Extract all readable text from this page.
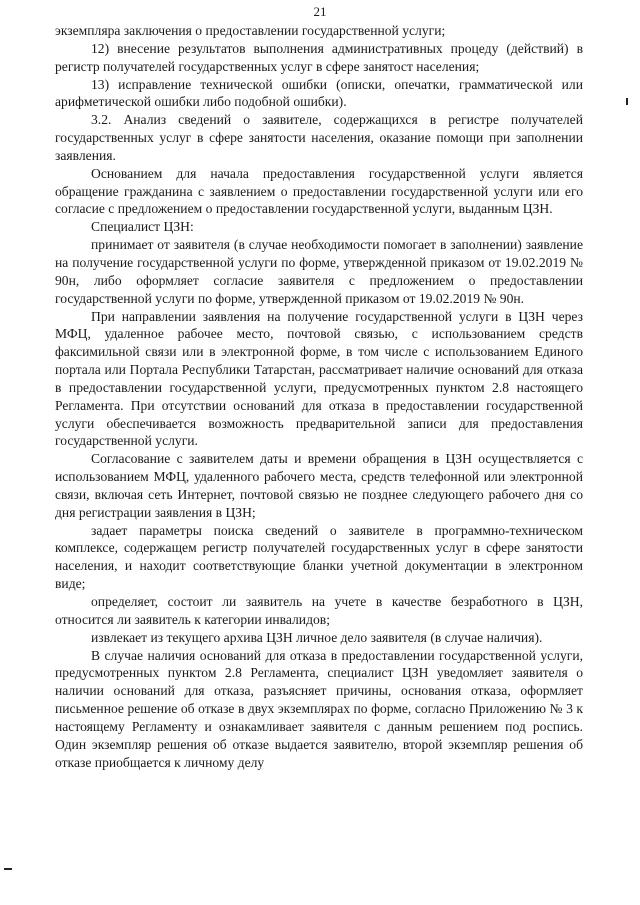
21

экземпляра заключения о предоставлении государственной услуги;

12) внесение результатов выполнения административных процеду (действий) в регистр получателей государственных услуг в сфере занятост населения;

13) исправление технической ошибки (описки, опечатки, грамматической или арифметической ошибки либо подобной ошибки).

3.2. Анализ сведений о заявителе, содержащихся в регистре получателей государственных услуг в сфере занятости населения, оказание помощи при заполнении заявления.

Основанием для начала предоставления государственной услуги является обращение гражданина с заявлением о предоставлении государственной услуги или его согласие с предложением о предоставлении государственной услуги, выданным ЦЗН.

Специалист ЦЗН:

принимает от заявителя (в случае необходимости помогает в заполнении) заявление на получение государственной услуги по форме, утвержденной приказом от 19.02.2019 № 90н, либо оформляет согласие заявителя с предложением о предоставлении государственной услуги по форме, утвержденной приказом от 19.02.2019 № 90н.

При направлении заявления на получение государственной услуги в ЦЗН через МФЦ, удаленное рабочее место, почтовой связью, с использованием средств факсимильной связи или в электронной форме, в том числе с использованием Единого портала или Портала Республики Татарстан, рассматривает наличие оснований для отказа в предоставлении государственной услуги, предусмотренных пунктом 2.8 настоящего Регламента. При отсутствии оснований для отказа в предоставлении государственной услуги обеспечивается возможность предварительной записи для предоставления государственной услуги.

Согласование с заявителем даты и времени обращения в ЦЗН осуществляется с использованием МФЦ, удаленного рабочего места, средств телефонной или электронной связи, включая сеть Интернет, почтовой связью не позднее следующего рабочего дня со дня регистрации заявления в ЦЗН;

задает параметры поиска сведений о заявителе в программно-техническом комплексе, содержащем регистр получателей государственных услуг в сфере занятости населения, и находит соответствующие бланки учетной документации в электронном виде;

определяет, состоит ли заявитель на учете в качестве безработного в ЦЗН, относится ли заявитель к категории инвалидов;

извлекает из текущего архива ЦЗН личное дело заявителя (в случае наличия).

В случае наличия оснований для отказа в предоставлении государственной услуги, предусмотренных пунктом 2.8 Регламента, специалист ЦЗН уведомляет заявителя о наличии оснований для отказа, разъясняет причины, основания отказа, оформляет письменное решение об отказе в двух экземплярах по форме, согласно Приложению № 3 к настоящему Регламенту и ознакамливает заявителя с данным решением под роспись. Один экземпляр решения об отказе выдается заявителю, второй экземпляр решения об отказе приобщается к личному делу
